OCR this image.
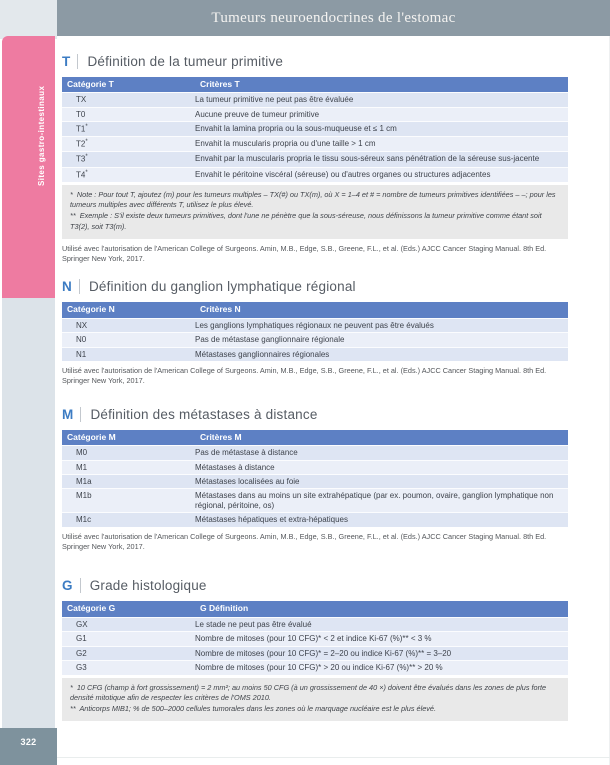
Sites gastro-intestinaux
322
Tumeurs neuroendocrines de l'estomac
T Définition de la tumeur primitive
Catégorie T	Critères T
TX	La tumeur primitive ne peut pas être évaluée
T0	Aucune preuve de tumeur primitive
T1*	Envahit la lamina propria ou la sous-muqueuse et ≤ 1 cm
T2*	Envahit la muscularis propria ou d'une taille > 1 cm
T3*	Envahit par la muscularis propria le tissu sous-séreux sans pénétration de la séreuse sus-jacente
T4*	Envahit le péritoine viscéral (séreuse) ou d'autres organes ou structures adjacentes
* Note : Pour tout T, ajoutez (m) pour les tumeurs multiples – TX(#) ou TX(m), où X = 1–4 et # = nombre de tumeurs primitives identifiées – –; pour les tumeurs multiples avec différents T, utilisez le plus élevé.
** Exemple : S'il existe deux tumeurs primitives, dont l'une ne pénètre que la sous-séreuse, nous définissons la tumeur primitive comme étant soit T3(2), soit T3(m).

Utilisé avec l'autorisation de l'American College of Surgeons. Amin, M.B., Edge, S.B., Greene, F.L., et al. (Eds.) AJCC Cancer Staging Manual. 8th Ed. Springer New York, 2017.

N Définition du ganglion lymphatique régional
Catégorie N	Critères N
NX	Les ganglions lymphatiques régionaux ne peuvent pas être évalués
N0	Pas de métastase ganglionnaire régionale
N1	Métastases ganglionnaires régionales

Utilisé avec l'autorisation de l'American College of Surgeons. Amin, M.B., Edge, S.B., Greene, F.L., et al. (Eds.) AJCC Cancer Staging Manual. 8th Ed. Springer New York, 2017.

M Définition des métastases à distance
Catégorie M	Critères M
M0	Pas de métastase à distance
M1	Métastases à distance
M1a	Métastases localisées au foie
M1b	Métastases dans au moins un site extrahépatique (par ex. poumon, ovaire, ganglion lymphatique non régional, péritoine, os)
M1c	Métastases hépatiques et extra-hépatiques

Utilisé avec l'autorisation de l'American College of Surgeons. Amin, M.B., Edge, S.B., Greene, F.L., et al. (Eds.) AJCC Cancer Staging Manual. 8th Ed. Springer New York, 2017.

G Grade histologique
Catégorie G	G Définition
GX	Le stade ne peut pas être évalué
G1	Nombre de mitoses (pour 10 CFG)* < 2 et indice Ki-67 (%)** < 3 %
G2	Nombre de mitoses (pour 10 CFG)* = 2–20 ou indice Ki-67 (%)** = 3–20
G3	Nombre de mitoses (pour 10 CFG)* > 20 ou indice Ki-67 (%)** > 20 %
* 10 CFG (champ à fort grossissement) = 2 mm²; au moins 50 CFG (à un grossissement de 40 ×) doivent être évalués dans les zones de plus forte densité mitotique afin de respecter les critères de l'OMS 2010.
** Anticorps MIB1; % de 500–2000 cellules tumorales dans les zones où le marquage nucléaire est le plus élevé.
